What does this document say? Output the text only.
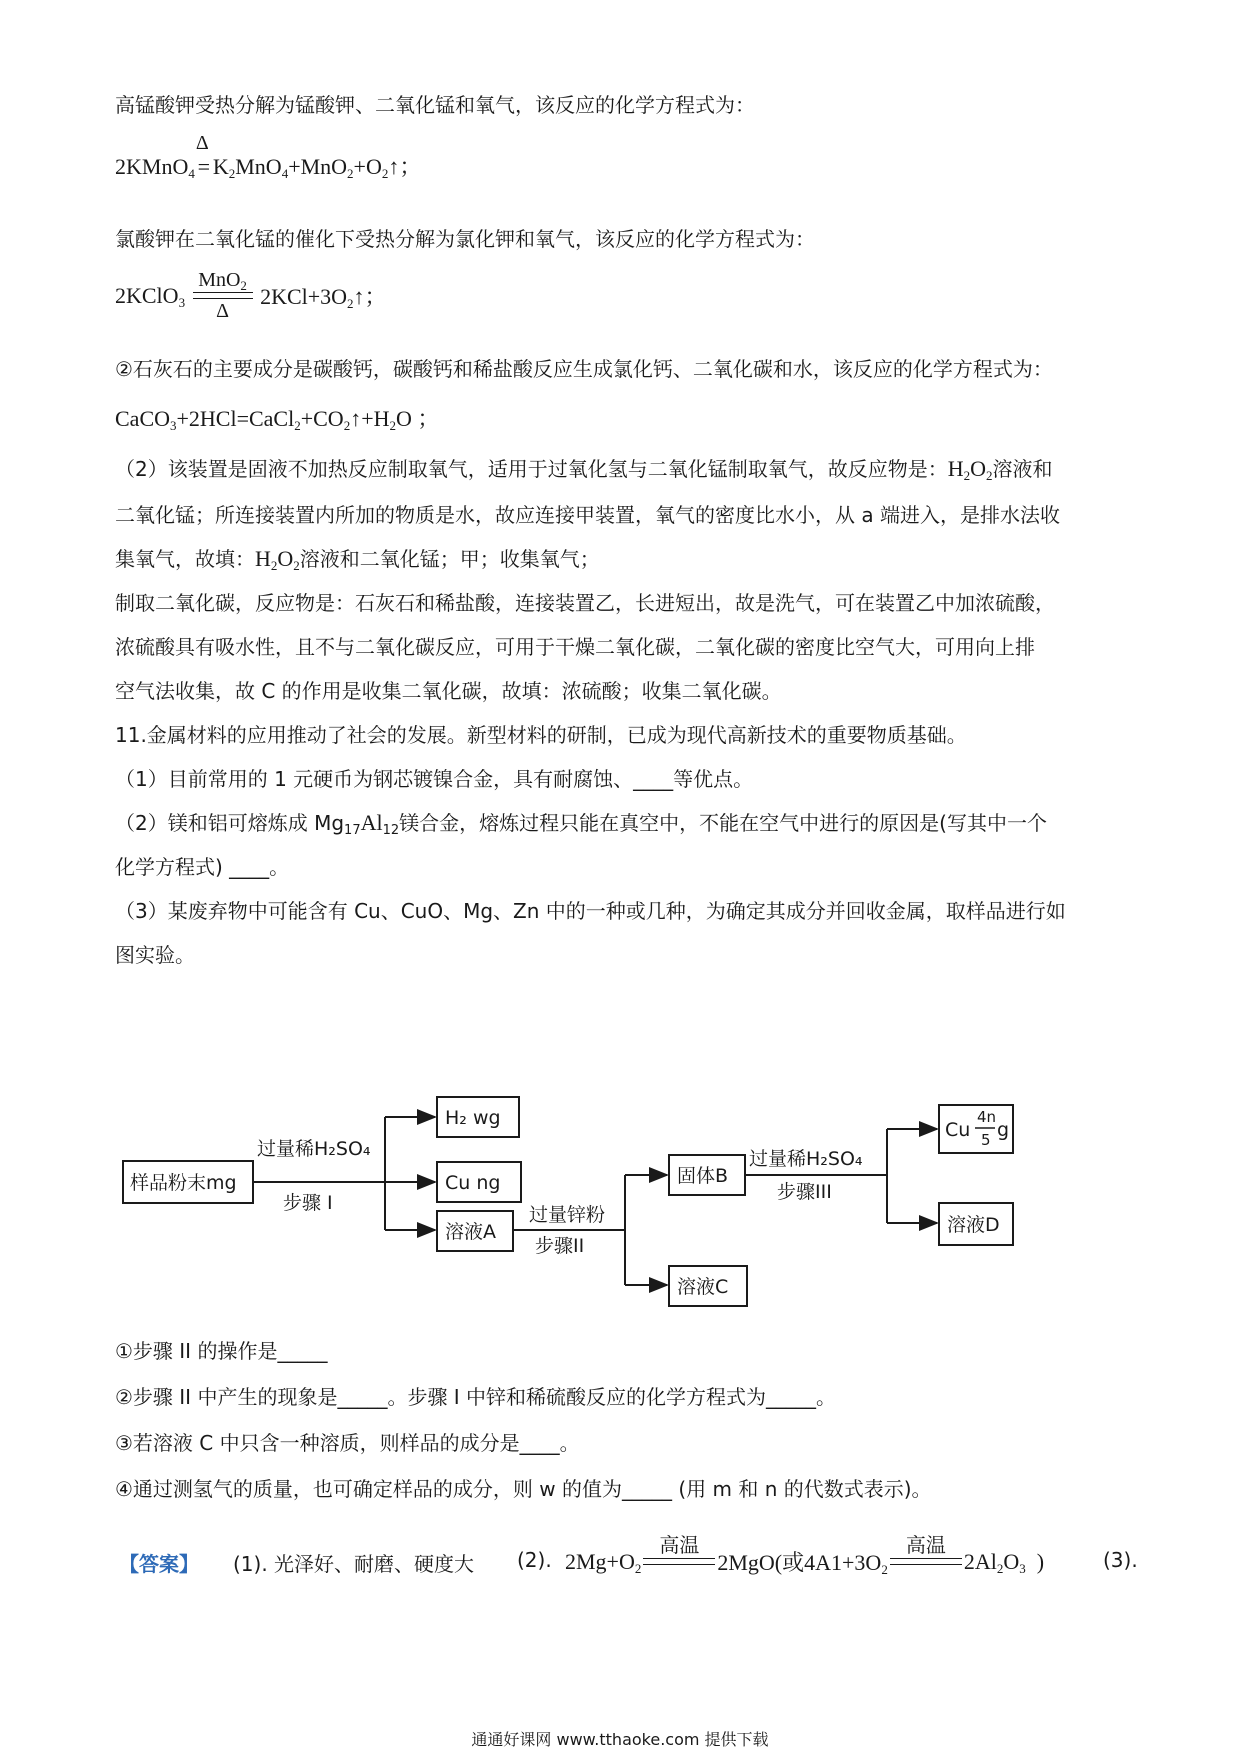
高锰酸钾受热分解为锰酸钾、二氧化锰和氧气，该反应的化学方程式为：
2KMnO$_4$
Δ
= $K_2MnO_4+MnO_2+O_2↑$；
氯酸钾在二氧化锰的催化下受热分解为氯化钾和氧气，该反应的化学方程式为：
2KClO$_3$
MnO$_2$
Δ
$2KCl+3O_2↑$；
②石灰石的主要成分是碳酸钙，碳酸钙和稀盐酸反应生成氯化钙、二氧化碳和水，该反应的化学方程式为：
$CaCO_3+2HCl=CaCl_2+CO_2↑+H_2O$ ；
（2）该装置是固液不加热反应制取氧气，适用于过氧化氢与二氧化锰制取氧气，故反应物是：$H_2O_2$溶液和
二氧化锰；所连接装置内所加的物质是水，故应连接甲装置，氧气的密度比水小，从 a 端进入，是排水法收
集氧气，故填：$H_2O_2$溶液和二氧化锰；甲；收集氧气；
制取二氧化碳，反应物是：石灰石和稀盐酸，连接装置乙，长进短出，故是洗气，可在装置乙中加浓硫酸，
浓硫酸具有吸水性，且不与二氧化碳反应，可用于干燥二氧化碳，二氧化碳的密度比空气大，可用向上排
空气法收集，故 C 的作用是收集二氧化碳，故填：浓硫酸；收集二氧化碳。
11.金属材料的应用推动了社会的发展。新型材料的研制，已成为现代高新技术的重要物质基础。
（1）目前常用的 1 元硬币为钢芯镀镍合金，具有耐腐蚀、____等优点。
（2）镁和铝可熔炼成 $Mg_{17}Al_{12}$镁合金，熔炼过程只能在真空中，不能在空气中进行的原因是(写其中一个
化学方程式) ____。
（3）某废弃物中可能含有 Cu、CuO、Mg、Zn 中的一种或几种，为确定其成分并回收金属，取样品进行如
图实验。
样品粉末mg
过量稀H₂SO₄
步骤 I
H₂ wg
Cu ng
溶液A
过量锌粉
步骤II
固体B
溶液C
过量稀H₂SO₄
步骤III
Cu
4n
5 g
溶液D
①步骤 II 的操作是_____
②步骤 II 中产生的现象是_____。步骤 I 中锌和稀硫酸反应的化学方程式为_____。
③若溶液 C 中只含一种溶质，则样品的成分是____。
④通过测氢气的质量，也可确定样品的成分，则 w 的值为_____ (用 m 和 n 的代数式表示)。
【答案】 (1). 光泽好、耐磨、硬度大 (2). $2Mg+O_2$
高温

2MgO(或$4A1+3O_2$
高温

$2Al_2O_3$  )	(3).
通通好课网 www.tthaoke.com 提供下载
